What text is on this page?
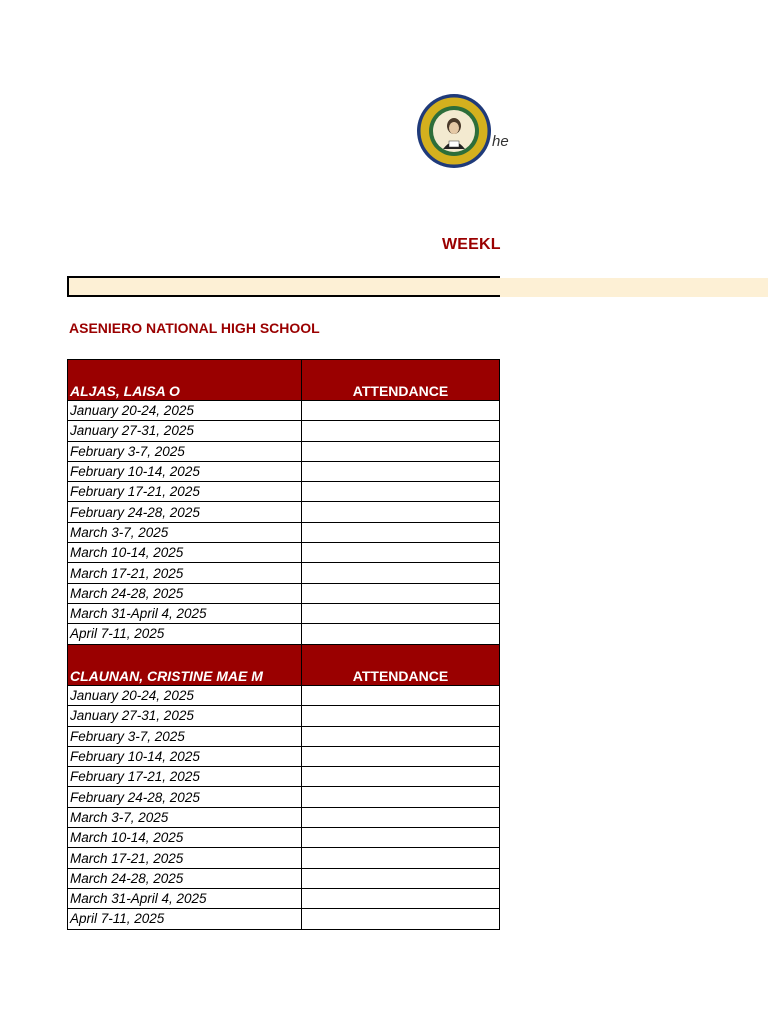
he
WEEKL
ASENIERO NATIONAL HIGH SCHOOL
ALJAS, LAISA O	ATTENDANCE
January 20-24, 2025	
January 27-31, 2025	
February 3-7, 2025	
February 10-14, 2025	
February 17-21, 2025	
February 24-28, 2025	
March 3-7, 2025	
March 10-14, 2025	
March 17-21, 2025	
March 24-28, 2025	
March 31-April 4, 2025	
April 7-11, 2025	
CLAUNAN, CRISTINE MAE M	ATTENDANCE
January 20-24, 2025	
January 27-31, 2025	
February 3-7, 2025	
February 10-14, 2025	
February 17-21, 2025	
February 24-28, 2025	
March 3-7, 2025	
March 10-14, 2025	
March 17-21, 2025	
March 24-28, 2025	
March 31-April 4, 2025	
April 7-11, 2025	
